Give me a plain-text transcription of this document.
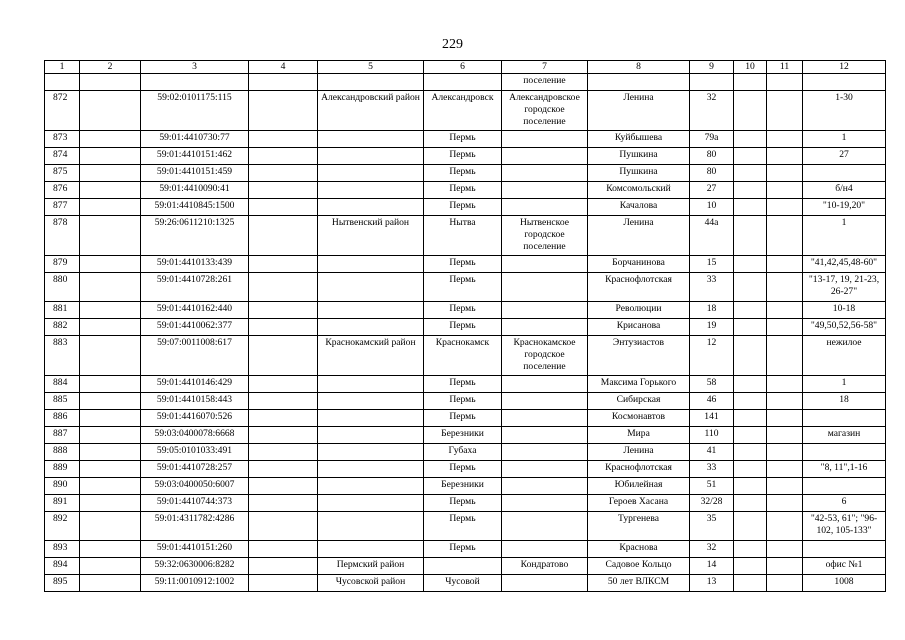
229
1	2	3	4	5	6	7	8	9	10	11	12
						поселение					
872		59:02:0101175:115		Александровский район	Александровск	Александровское городское поселение	Ленина	32			1-30
873		59:01:4410730:77			Пермь		Куйбышева	79а			1
874		59:01:4410151:462			Пермь		Пушкина	80			27
875		59:01:4410151:459			Пермь		Пушкина	80			
876		59:01:4410090:41			Пермь		Комсомольский	27			б/н4
877		59:01:4410845:1500			Пермь		Качалова	10			"10-19,20"
878		59:26:0611210:1325		Нытвенский район	Нытва	Нытвенское городское поселение	Ленина	44а			1
879		59:01:4410133:439			Пермь		Борчанинова	15			"41,42,45,48-60"
880		59:01:4410728:261			Пермь		Краснофлотская	33			"13-17, 19, 21-23, 26-27"
881		59:01:4410162:440			Пермь		Революции	18			10-18
882		59:01:4410062:377			Пермь		Крисанова	19			"49,50,52,56-58"
883		59:07:0011008:617		Краснокамский район	Краснокамск	Краснокамское городское поселение	Энтузиастов	12			нежилое
884		59:01:4410146:429			Пермь		Максима Горького	58			1
885		59:01:4410158:443			Пермь		Сибирская	46			18
886		59:01:4416070:526			Пермь		Космонавтов	141			
887		59:03:0400078:6668			Березники		Мира	110			магазин
888		59:05:0101033:491			Губаха		Ленина	41			
889		59:01:4410728:257			Пермь		Краснофлотская	33			"8, 11",1-16
890		59:03:0400050:6007			Березники		Юбилейная	51			
891		59:01:4410744:373			Пермь		Героев Хасана	32/28			6
892		59:01:4311782:4286			Пермь		Тургенева	35			"42-53, 61"; "96-102, 105-133"
893		59:01:4410151:260			Пермь		Краснова	32			
894		59:32:0630006:8282		Пермский район		Кондратово	Садовое Кольцо	14			офис №1
895		59:11:0010912:1002		Чусовской район	Чусовой		50 лет ВЛКСМ	13			1008
